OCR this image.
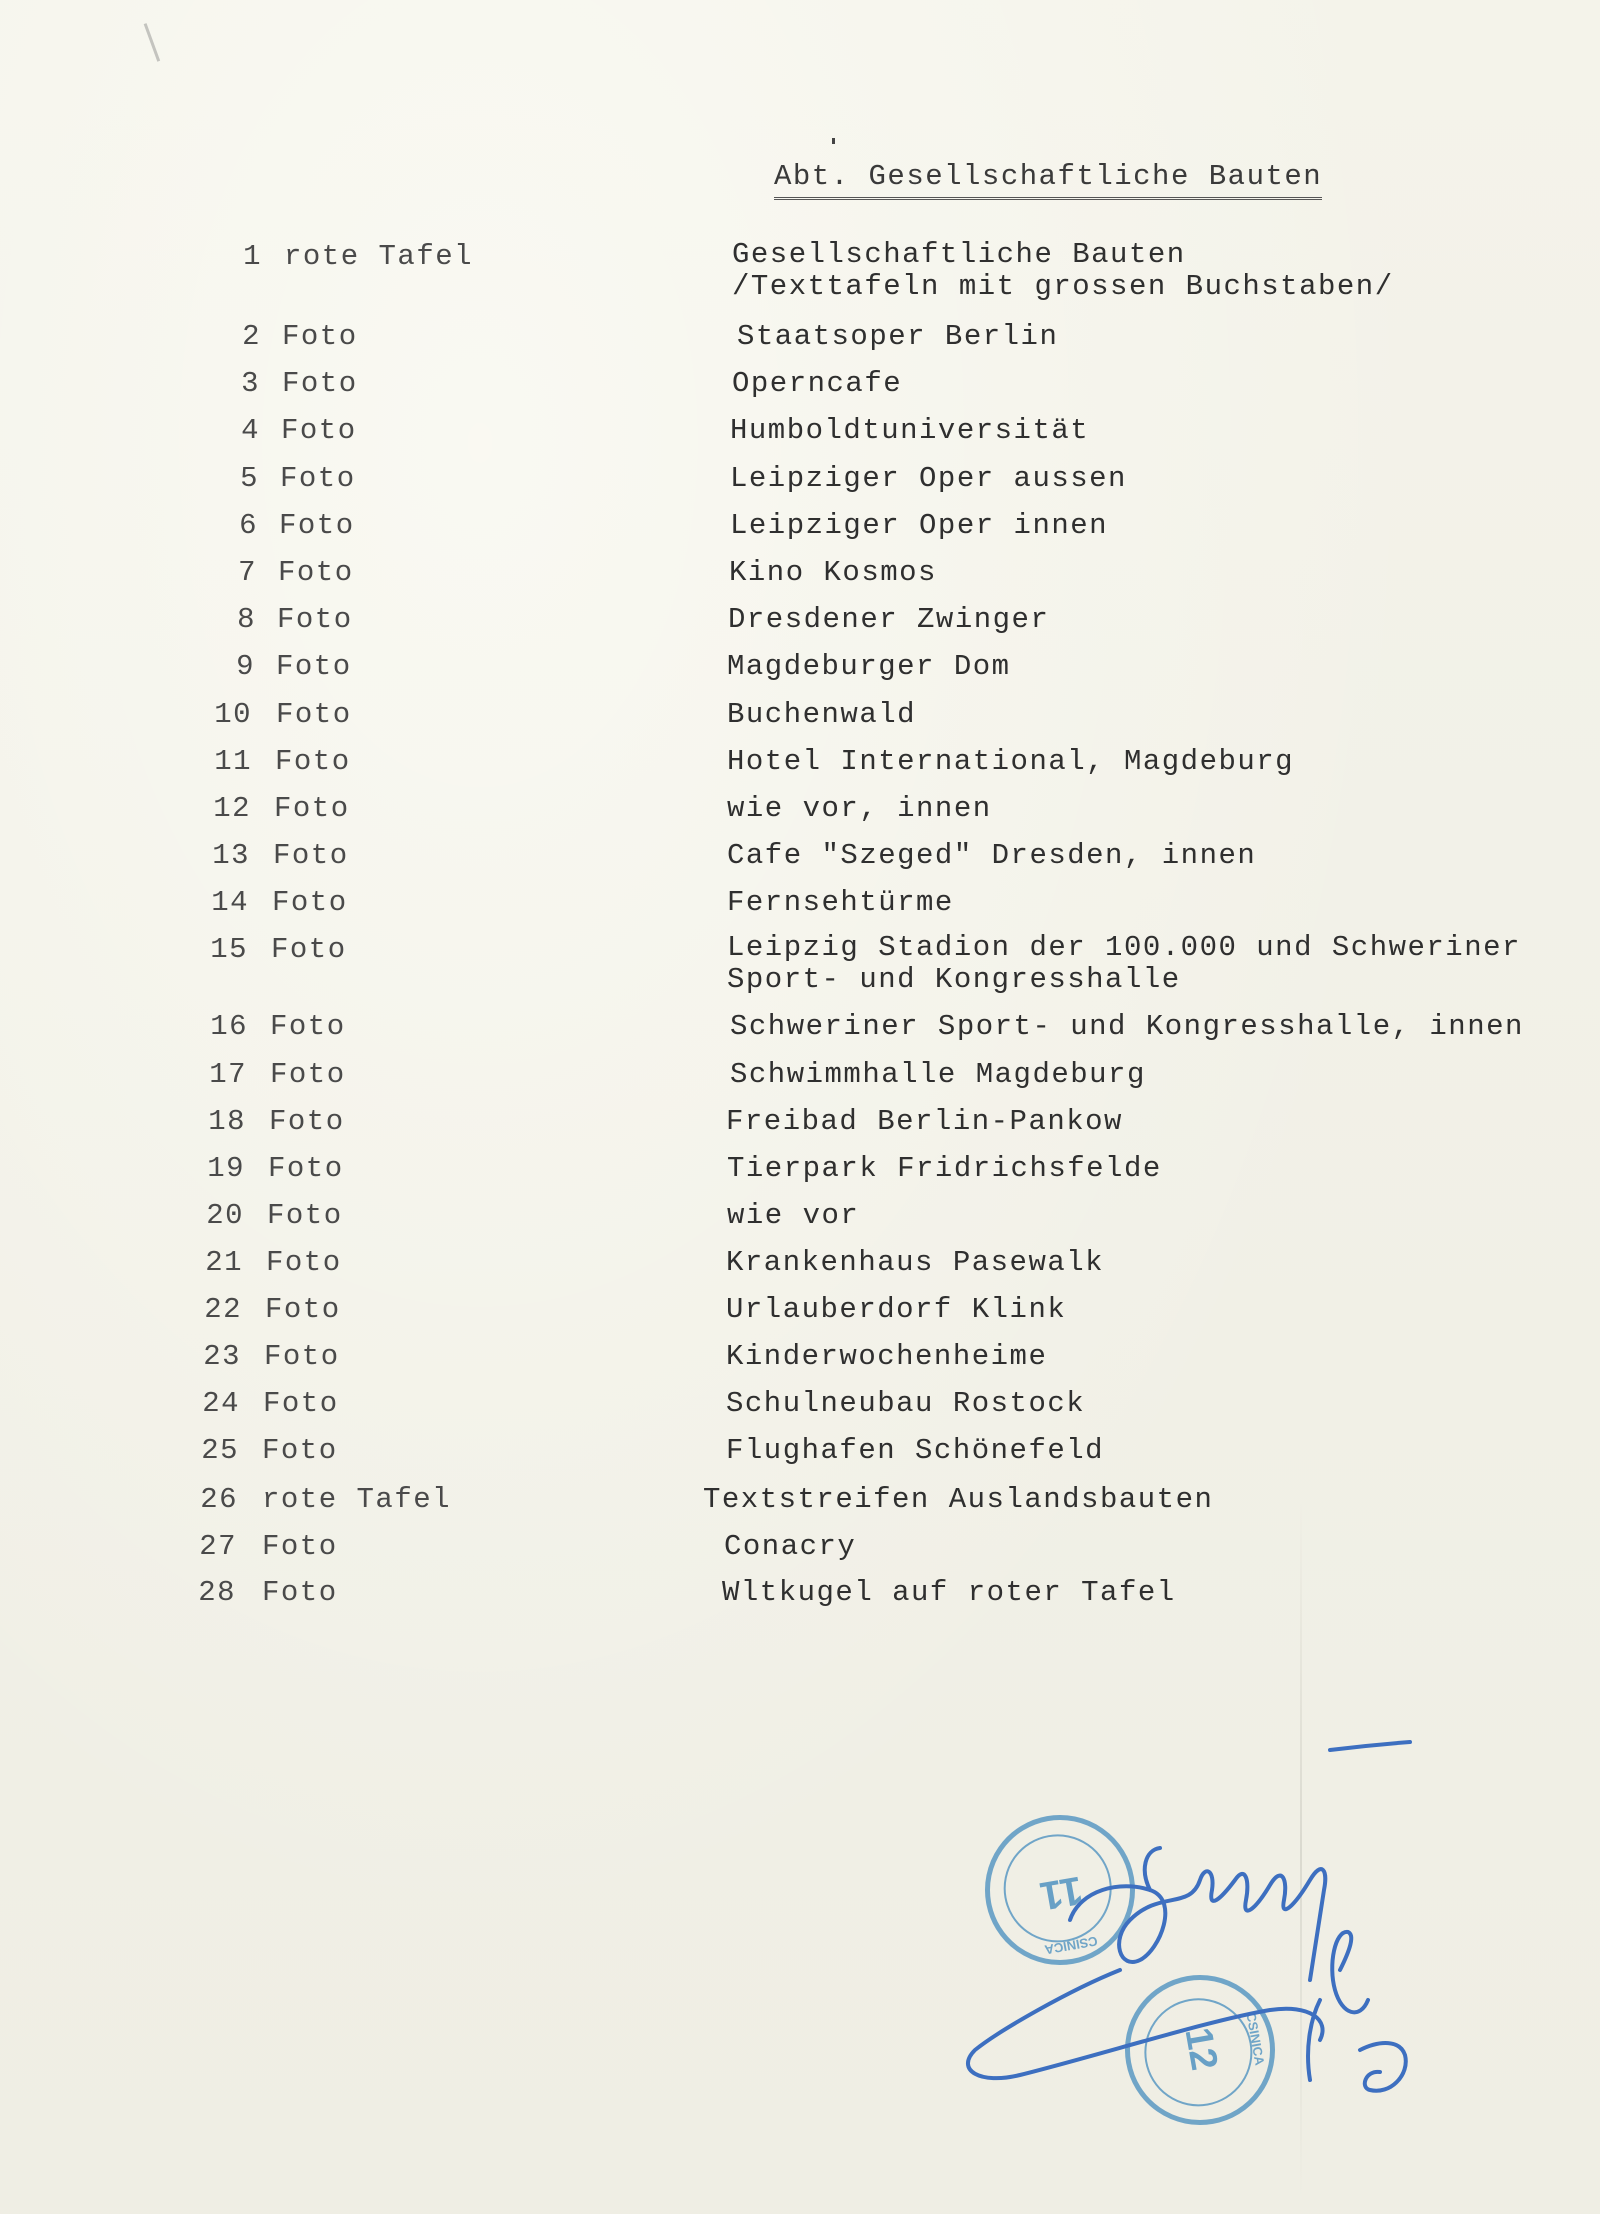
Abt. Gesellschaftliche Bauten
1 rote Tafel	Gesellschaftliche Bauten
/Texttafeln mit grossen Buchstaben/
2 Foto	Staatsoper Berlin
3 Foto	Operncafe
4 Foto	Humboldtuniversität
5 Foto	Leipziger Oper aussen
6 Foto	Leipziger Oper innen
7 Foto	Kino Kosmos
8 Foto	Dresdener Zwinger
9 Foto	Magdeburger Dom
10 Foto	Buchenwald
11 Foto	Hotel International, Magdeburg
12 Foto	wie vor, innen
13 Foto	Cafe "Szeged" Dresden, innen
14 Foto	Fernsehtürme
15 Foto	Leipzig Stadion der 100.000 und Schweriner
Sport- und Kongresshalle
16 Foto	Schweriner Sport- und Kongresshalle, innen
17 Foto	Schwimmhalle Magdeburg
18 Foto	Freibad Berlin-Pankow
19 Foto	Tierpark Fridrichsfelde
20 Foto	wie vor
21 Foto	Krankenhaus Pasewalk
22 Foto	Urlauberdorf Klink
23 Foto	Kinderwochenheime
24 Foto	Schulneubau Rostock
25 Foto	Flughafen Schönefeld
26 rote Tafel	Textstreifen Auslandsbauten
27 Foto	Conacry
28 Foto	Wltkugel auf roter Tafel
11
CSINICA
12 CSINICA
